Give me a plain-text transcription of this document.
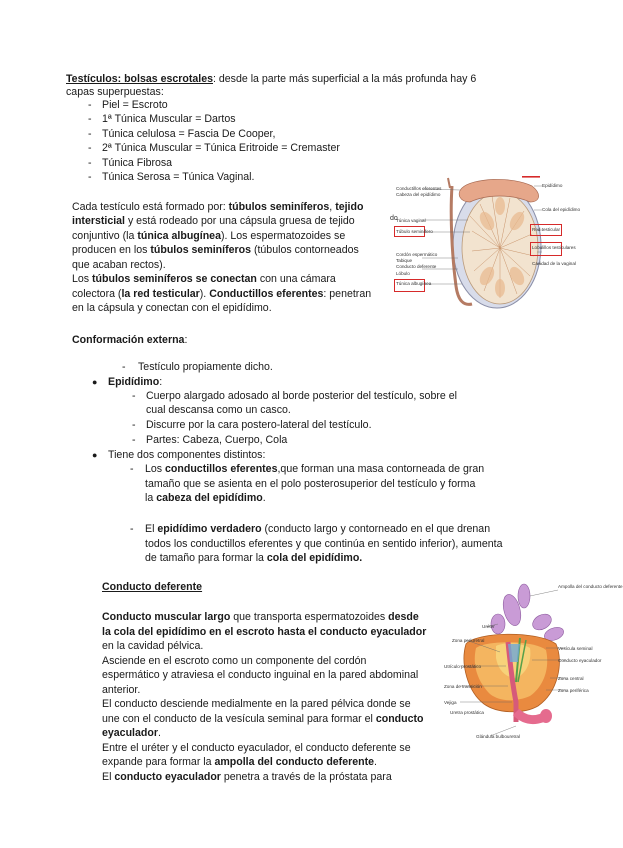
Testículos: bolsas escrotales: desde la parte más superficial a la más profunda hay 6
capas superpuestas:
- Piel = Escroto
- 1ª Túnica Muscular = Dartos
- Túnica celulosa = Fascia De Cooper,
- 2ª Túnica Muscular = Túnica Eritroide = Cremaster
- Túnica Fibrosa
- Túnica Serosa = Túnica Vaginal.
Cada testículo está formado por: túbulos seminíferos, tejido
intersticial y está rodeado por una cápsula gruesa de tejido
conjuntivo (la túnica albugínea). Los espermatozoides se
producen en los túbulos seminíferos (túbulos contorneados
que acaban rectos).
Los túbulos seminíferos se conectan con una cámara
colectora (la red testicular). Conductillos eferentes: penetran
en la cápsula y conectan con el epidídimo.
do
Conductillos eferentes
Cabeza del epidídimo
Túnica vaginal
Túbulo seminífero
Tabique
Conducto deferente
Túnica albugínea
Lóbulo
Cordón espermático
Epidídimo
Cola del epidídimo
Red testicular
Lobulillos testiculares
Cavidad de la vaginal
Conformación externa:
-	Testículo propiamente dicho.
● Epidídimo:
- Cuerpo alargado adosado al borde posterior del testículo, sobre el
cual descansa como un casco.
- Discurre por la cara postero-lateral del testículo.
- Partes: Cabeza, Cuerpo, Cola
● Tiene dos componentes distintos:
-	Los conductillos eferentes,que forman una masa contorneada de gran
tamaño que se asienta en el polo posterosuperior del testículo y forma
la cabeza del epidídimo.
-	El epidídimo verdadero (conducto largo y contorneado en el que drenan
todos los conductillos eferentes y que continúa en sentido inferior), aumenta
de tamaño para formar la cola del epidídimo.
Conducto deferente
Conducto muscular largo que transporta espermatozoides desde
la cola del epidídimo en el escroto hasta el conducto eyaculador
en la cavidad pélvica.
Asciende en el escroto como un componente del cordón
espermático y atraviesa el conducto inguinal en la pared abdominal
anterior.
El conducto desciende medialmente en la pared pélvica donde se
une con el conducto de la vesícula seminal para formar el conducto
eyaculador.
Entre el uréter y el conducto eyaculador, el conducto deferente se
expande para formar la ampolla del conducto deferente.
El conducto eyaculador penetra a través de la próstata para
Ampolla del conducto deferente
Uréter
Zona periuretral
Vesícula seminal
Conducto eyaculador
Zona central
Zona periférica
Utrículo prostático
Zona de transición
Vejiga
Uretra prostática
Glándula bulbouretral
